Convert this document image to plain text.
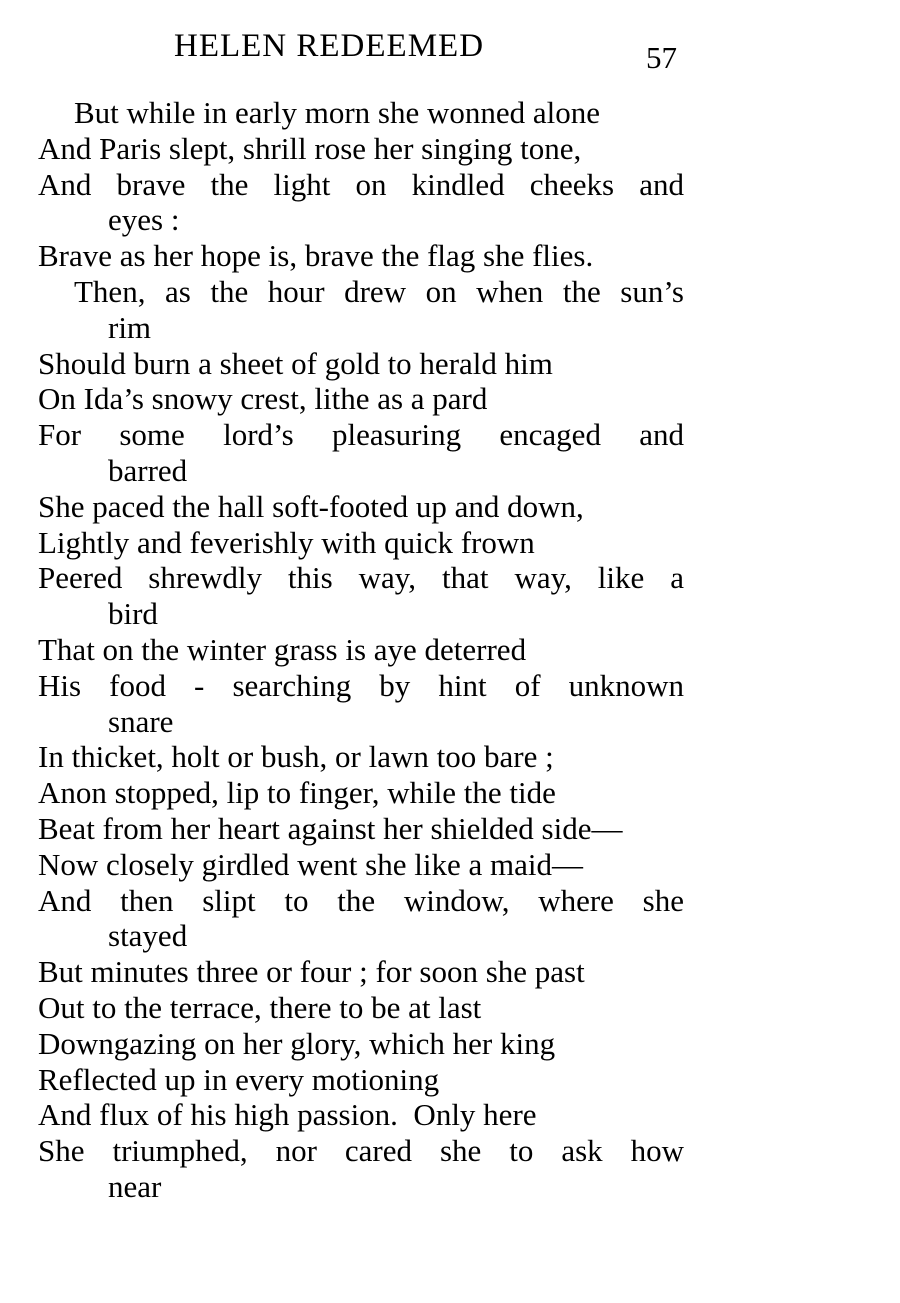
HELEN REDEEMED	57
But while in early morn she wonned alone
And Paris slept, shrill rose her singing tone,
And brave the light on kindled cheeks and
eyes :
Brave as her hope is, brave the flag she flies.
Then, as the hour drew on when the sun’s
rim
Should burn a sheet of gold to herald him
On Ida’s snowy crest, lithe as a pard
For some lord’s pleasuring encaged and
barred
She paced the hall soft-footed up and down,
Lightly and feverishly with quick frown
Peered shrewdly this way, that way, like a
bird
That on the winter grass is aye deterred
His food - searching by hint of unknown
snare
In thicket, holt or bush, or lawn too bare ;
Anon stopped, lip to finger, while the tide
Beat from her heart against her shielded side—
Now closely girdled went she like a maid—
And then slipt to the window, where she
stayed
But minutes three or four ; for soon she past
Out to the terrace, there to be at last
Downgazing on her glory, which her king
Reflected up in every motioning
And flux of his high passion.  Only here
She triumphed, nor cared she to ask how
near
